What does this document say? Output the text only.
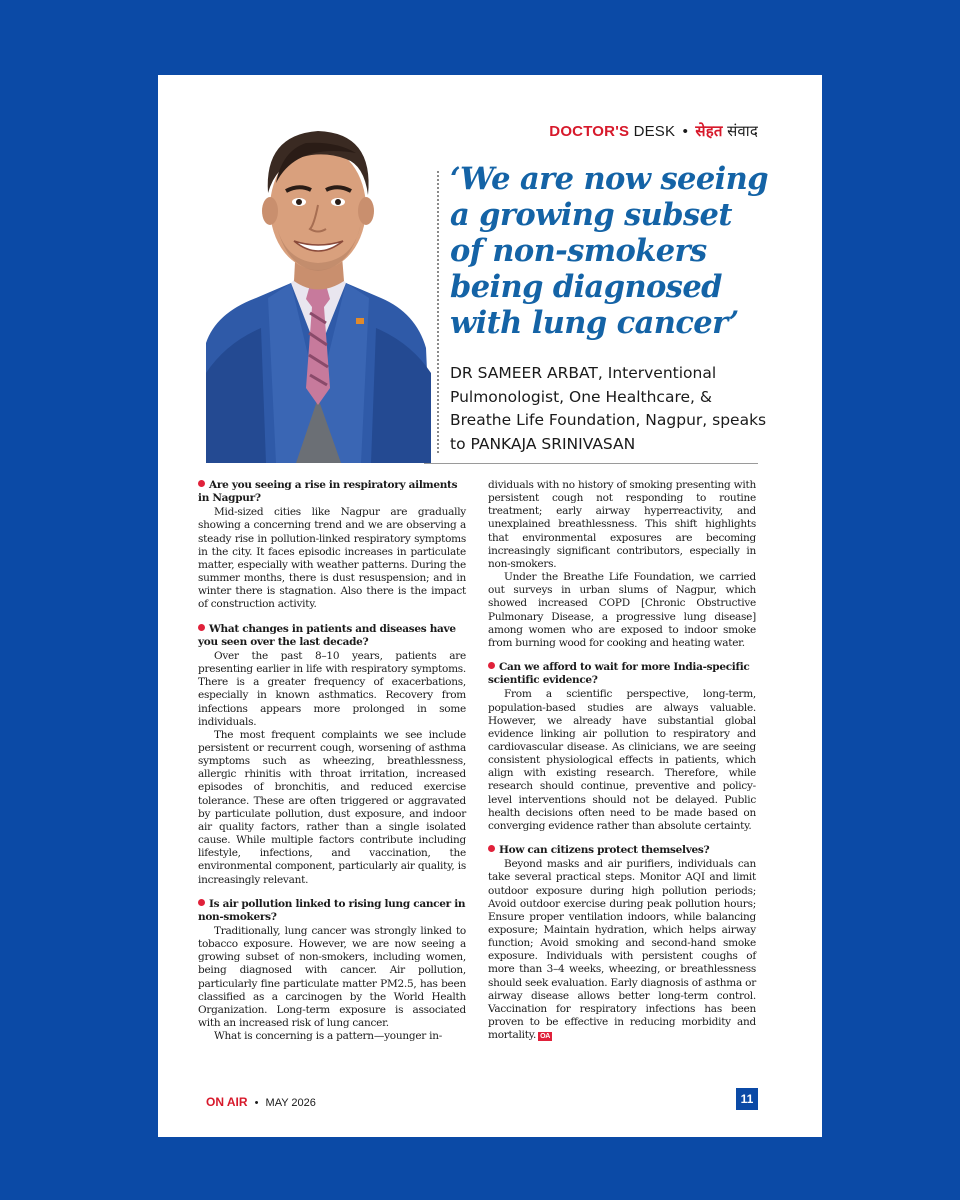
DOCTOR'S DESK • सेहत संवाद
‘We are now seeing a growing subset of non-smokers being diagnosed with lung cancer’
DR SAMEER ARBAT, Interventional Pulmonologist, One Healthcare, & Breathe Life Foundation, Nagpur, speaks to PANKAJA SRINIVASAN
Are you seeing a rise in respiratory ailments in Nagpur?
Mid-sized cities like Nagpur are gradually showing a concerning trend and we are observing a steady rise in pollution-linked respiratory symptoms in the city. It faces episodic increases in particulate matter, especially with weather patterns. During the summer months, there is dust resuspension; and in winter there is stagnation. Also there is the impact of construction activity.
What changes in patients and diseases have you seen over the last decade?
Over the past 8–10 years, patients are presenting earlier in life with respiratory symptoms. There is a greater frequency of exacerbations, especially in known asthmatics. Recovery from infections appears more prolonged in some individuals.
The most frequent complaints we see include persistent or recurrent cough, worsening of asthma symptoms such as wheezing, breathlessness, allergic rhinitis with throat irritation, increased episodes of bronchitis, and reduced exercise tolerance. These are often triggered or aggravated by particulate pollution, dust exposure, and indoor air quality factors, rather than a single isolated cause. While multiple factors contribute including lifestyle, infections, and vaccination, the environmental component, particularly air quality, is increasingly relevant.
Is air pollution linked to rising lung cancer in non-smokers?
Traditionally, lung cancer was strongly linked to tobacco exposure. However, we are now seeing a growing subset of non-smokers, including women, being diagnosed with cancer. Air pollution, particularly fine particulate matter PM2.5, has been classified as a carcinogen by the World Health Organization. Long-term exposure is associated with an increased risk of lung cancer.
What is concerning is a pattern—younger in-
dividuals with no history of smoking presenting with persistent cough not responding to routine treatment; early airway hyperreactivity, and unexplained breathlessness. This shift highlights that environmental exposures are becoming increasingly significant contributors, especially in non-smokers.
Under the Breathe Life Foundation, we carried out surveys in urban slums of Nagpur, which showed increased COPD [Chronic Obstructive Pulmonary Disease, a progressive lung disease] among women who are exposed to indoor smoke from burning wood for cooking and heating water.
Can we afford to wait for more India-specific scientific evidence?
From a scientific perspective, long-term, population-based studies are always valuable. However, we already have substantial global evidence linking air pollution to respiratory and cardiovascular disease. As clinicians, we are seeing consistent physiological effects in patients, which align with existing research. Therefore, while research should continue, preventive and policy-level interventions should not be delayed. Public health decisions often need to be made based on converging evidence rather than absolute certainty.
How can citizens protect themselves?
Beyond masks and air purifiers, individuals can take several practical steps. Monitor AQI and limit outdoor exposure during high pollution periods; Avoid outdoor exercise during peak pollution hours; Ensure proper ventilation indoors, while balancing exposure; Maintain hydration, which helps airway function; Avoid smoking and second-hand smoke exposure. Individuals with persistent coughs of more than 3–4 weeks, wheezing, or breathlessness should seek evaluation. Early diagnosis of asthma or airway disease allows better long-term control. Vaccination for respiratory infections has been proven to be effective in reducing morbidity and mortality. OA
ON AIR • MAY 2026	11
